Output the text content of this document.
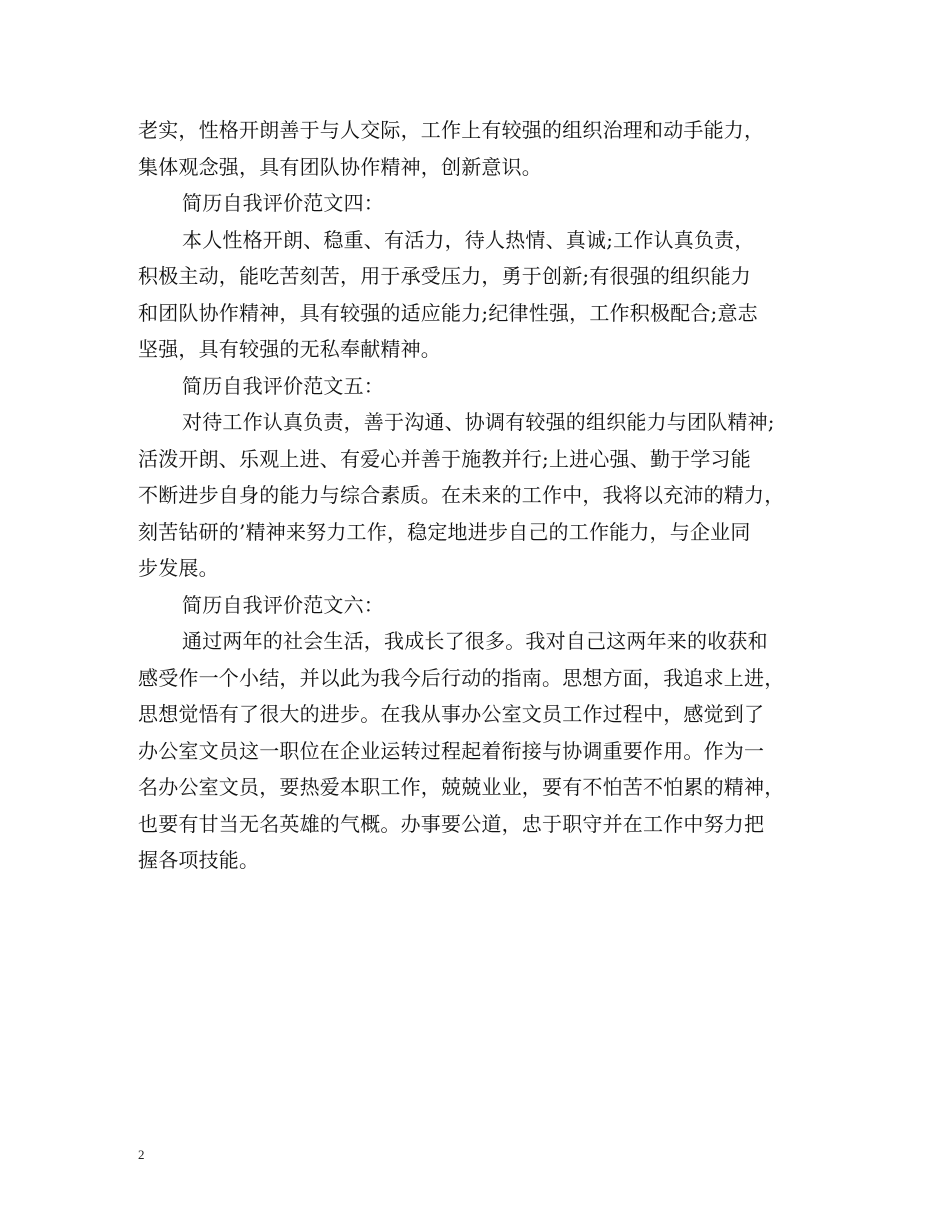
老实，性格开朗善于与人交际，工作上有较强的组织治理和动手能力，
集体观念强，具有团队协作精神，创新意识。
简历自我评价范文四：
本人性格开朗、稳重、有活力，待人热情、真诚;工作认真负责，
积极主动，能吃苦刻苦，用于承受压力，勇于创新;有很强的组织能力
和团队协作精神，具有较强的适应能力;纪律性强，工作积极配合;意志
坚强，具有较强的无私奉献精神。
简历自我评价范文五：
对待工作认真负责，善于沟通、协调有较强的组织能力与团队精神;
活泼开朗、乐观上进、有爱心并善于施教并行;上进心强、勤于学习能
不断进步自身的能力与综合素质。在未来的工作中，我将以充沛的精力，
刻苦钻研的’精神来努力工作，稳定地进步自己的工作能力，与企业同
步发展。
简历自我评价范文六：
通过两年的社会生活，我成长了很多。我对自己这两年来的收获和
感受作一个小结，并以此为我今后行动的指南。思想方面，我追求上进，
思想觉悟有了很大的进步。在我从事办公室文员工作过程中，感觉到了
办公室文员这一职位在企业运转过程起着衔接与协调重要作用。作为一
名办公室文员，要热爱本职工作，兢兢业业，要有不怕苦不怕累的精神，
也要有甘当无名英雄的气概。办事要公道，忠于职守并在工作中努力把
握各项技能。
2
